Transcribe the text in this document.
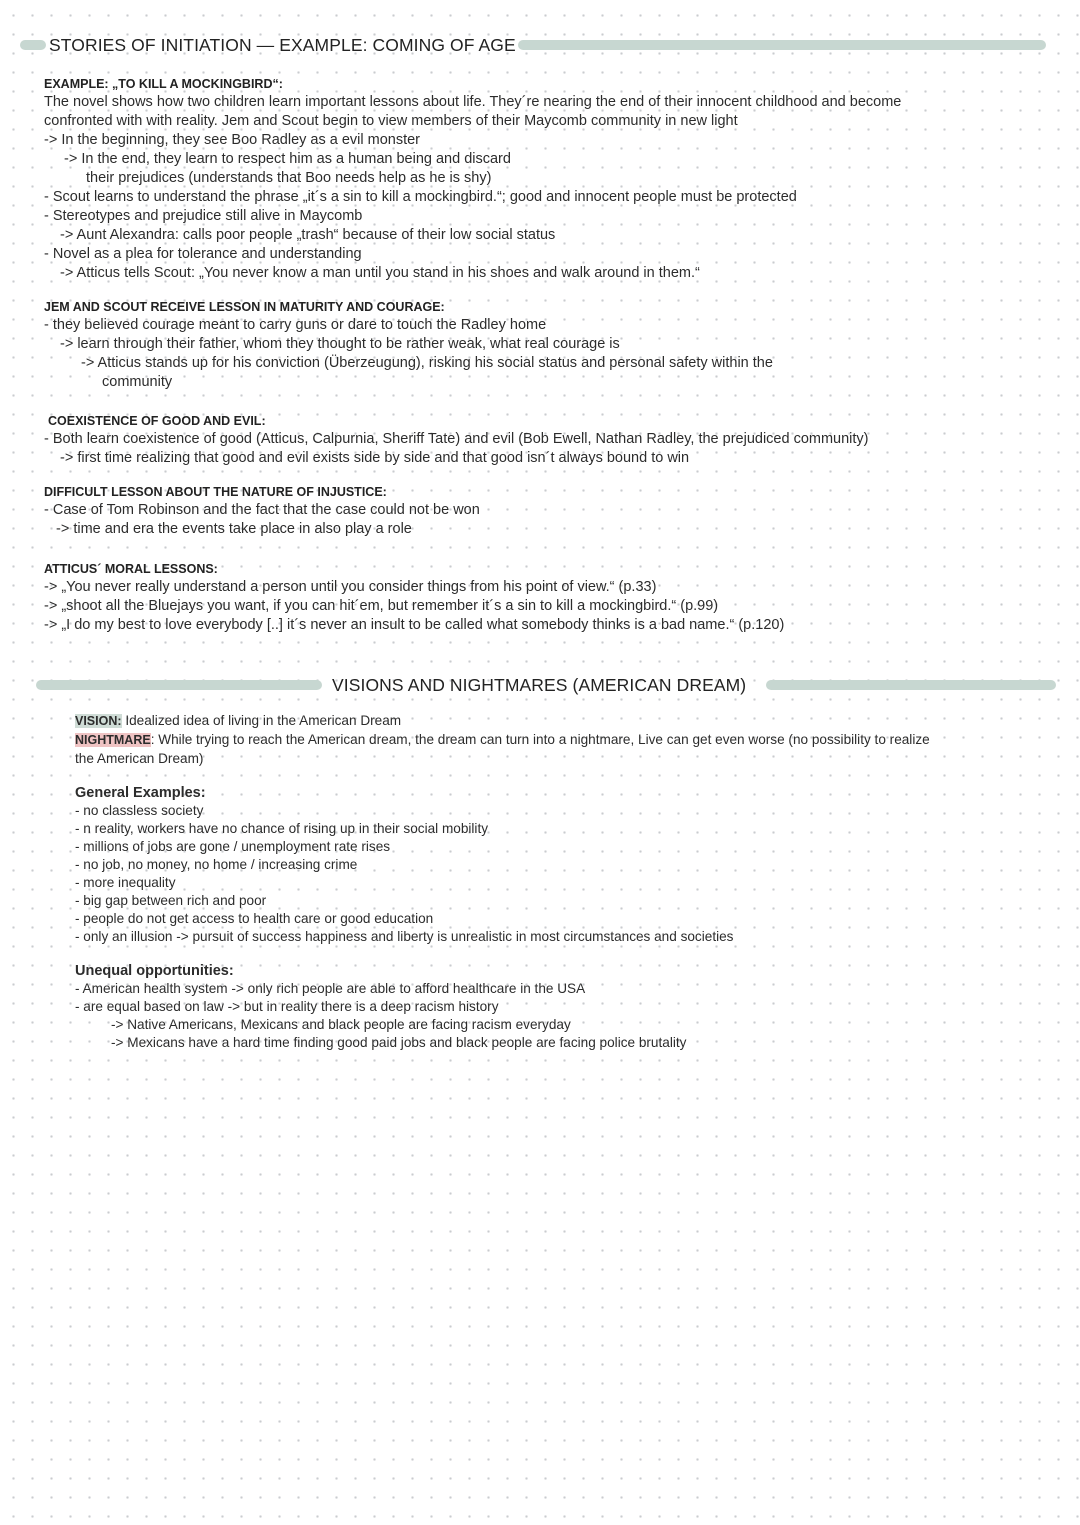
STORIES OF INITIATION — EXAMPLE: COMING OF AGE

EXAMPLE: „TO KILL A MOCKINGBIRD“:

The novel shows how two children learn important lessons about life. They´re nearing the end of their innocent childhood and become

confronted with with reality. Jem and Scout begin to view members of their Maycomb community in new light

-> In the beginning, they see Boo Radley as a evil monster

-> In the end, they learn to respect him as a human being and discard

their prejudices (understands that Boo needs help as he is shy)

- Scout learns to understand the phrase „it´s a sin to kill a mockingbird.“; good and innocent people must be protected

- Stereotypes and prejudice still alive in Maycomb

-> Aunt Alexandra: calls poor people „trash“ because of their low social status

- Novel as a plea for tolerance and understanding

-> Atticus tells Scout: „You never know a man until you stand in his shoes and walk around in them.“

JEM AND SCOUT RECEIVE LESSON IN MATURITY AND COURAGE:

- they believed courage meant to carry guns or dare to touch the Radley home

-> learn through their father, whom they thought to be rather weak, what real courage is

-> Atticus stands up for his conviction (Überzeugung), risking his social status and personal safety within the

community

COEXISTENCE OF GOOD AND EVIL:

- Both learn coexistence of good (Atticus, Calpurnia, Sheriff Tate) and evil (Bob Ewell, Nathan Radley, the prejudiced community)

-> first time realizing that good and evil exists side by side and that good isn´t always bound to win

DIFFICULT LESSON ABOUT THE NATURE OF INJUSTICE:

- Case of Tom Robinson and the fact that the case could not be won

-> time and era the events take place in also play a role

ATTICUS´ MORAL LESSONS:

-> „You never really understand a person until you consider things from his point of view.“ (p.33)

-> „shoot all the Bluejays you want, if you can hit´em, but remember it´s a sin to kill a mockingbird.“ (p.99)

-> „I do my best to love everybody [..] it´s never an insult to be called what somebody thinks is a bad name.“ (p.120)

VISIONS AND NIGHTMARES (AMERICAN DREAM)

VISION: Idealized idea of living in the American Dream

NIGHTMARE: While trying to reach the American dream, the dream can turn into a nightmare, Live can get even worse (no possibility to realize

the American Dream)

General Examples:

- no classless society

- n reality, workers have no chance of rising up in their social mobility

- millions of jobs are gone / unemployment rate rises

- no job, no money, no home / increasing crime

- more inequality

- big gap between rich and poor

- people do not get access to health care or good education

- only an illusion -> pursuit of success happiness and liberty is unrealistic in most circumstances and societies

Unequal opportunities:

- American health system -> only rich people are able to afford healthcare in the USA

- are equal based on law -> but in reality there is a deep racism history

-> Native Americans, Mexicans and black people are facing racism everyday

-> Mexicans have a hard time finding good paid jobs and black people are facing police brutality
